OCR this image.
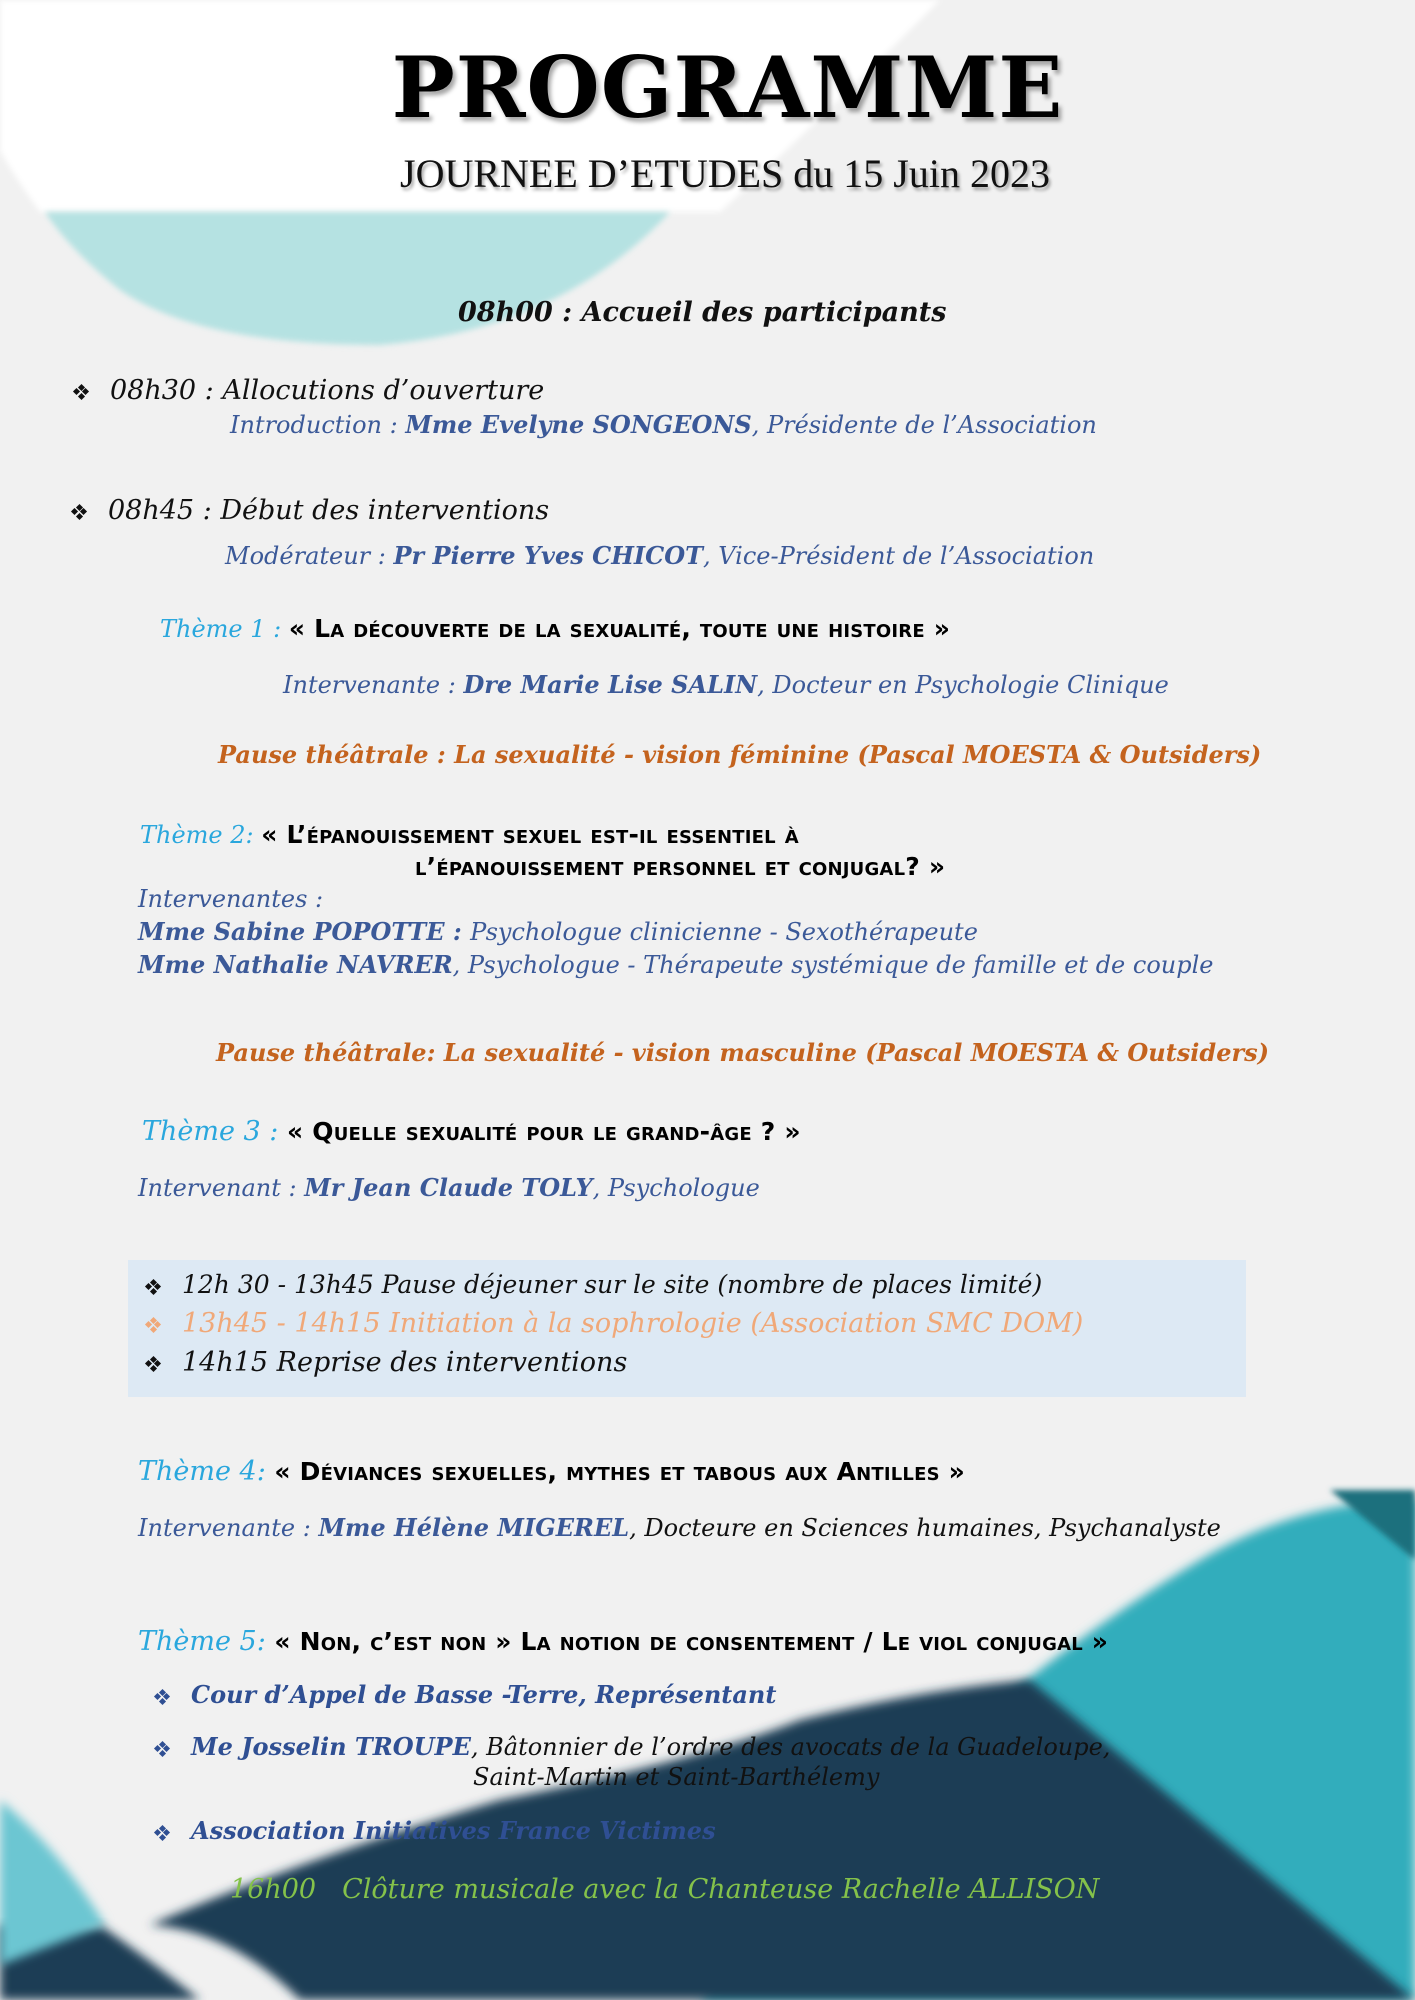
PROGRAMME
JOURNEE D’ETUDES du 15 Juin 2023
08h00 : Accueil des participants
08h30 : Allocutions d’ouverture
Introduction : Mme Evelyne SONGEONS, Présidente de l’Association
08h45 : Début des interventions
Modérateur : Pr Pierre Yves CHICOT, Vice-Président de l’Association
Thème 1 : « La découverte de la sexualité, toute une histoire »
Intervenante : Dre Marie Lise SALIN, Docteur en Psychologie Clinique
Pause théâtrale : La sexualité - vision féminine (Pascal MOESTA & Outsiders)
Thème 2: « L’épanouissement sexuel est-il essentiel à
l’épanouissement personnel et conjugal? »
Intervenantes :
Mme Sabine POPOTTE : Psychologue clinicienne - Sexothérapeute
Mme Nathalie NAVRER, Psychologue - Thérapeute systémique de famille et de couple
Pause théâtrale: La sexualité - vision masculine (Pascal MOESTA & Outsiders)
Thème 3 : « Quelle sexualité pour le grand-âge ? »
Intervenant : Mr Jean Claude TOLY, Psychologue
12h 30 - 13h45 Pause déjeuner sur le site (nombre de places limité)
13h45 - 14h15 Initiation à la sophrologie (Association SMC DOM)
14h15 Reprise des interventions
Thème 4: « Déviances sexuelles, mythes et tabous aux Antilles »
Intervenante : Mme Hélène MIGEREL, Docteure en Sciences humaines, Psychanalyste
Thème 5: « Non, c’est non » La notion de consentement / Le viol conjugal »
Cour d’Appel de Basse -Terre, Représentant
Me Josselin TROUPE, Bâtonnier de l’ordre des avocats de la Guadeloupe,
Saint-Martin et Saint-Barthélemy
Association Initiatives France Victimes
16h00 Clôture musicale avec la Chanteuse Rachelle ALLISON
